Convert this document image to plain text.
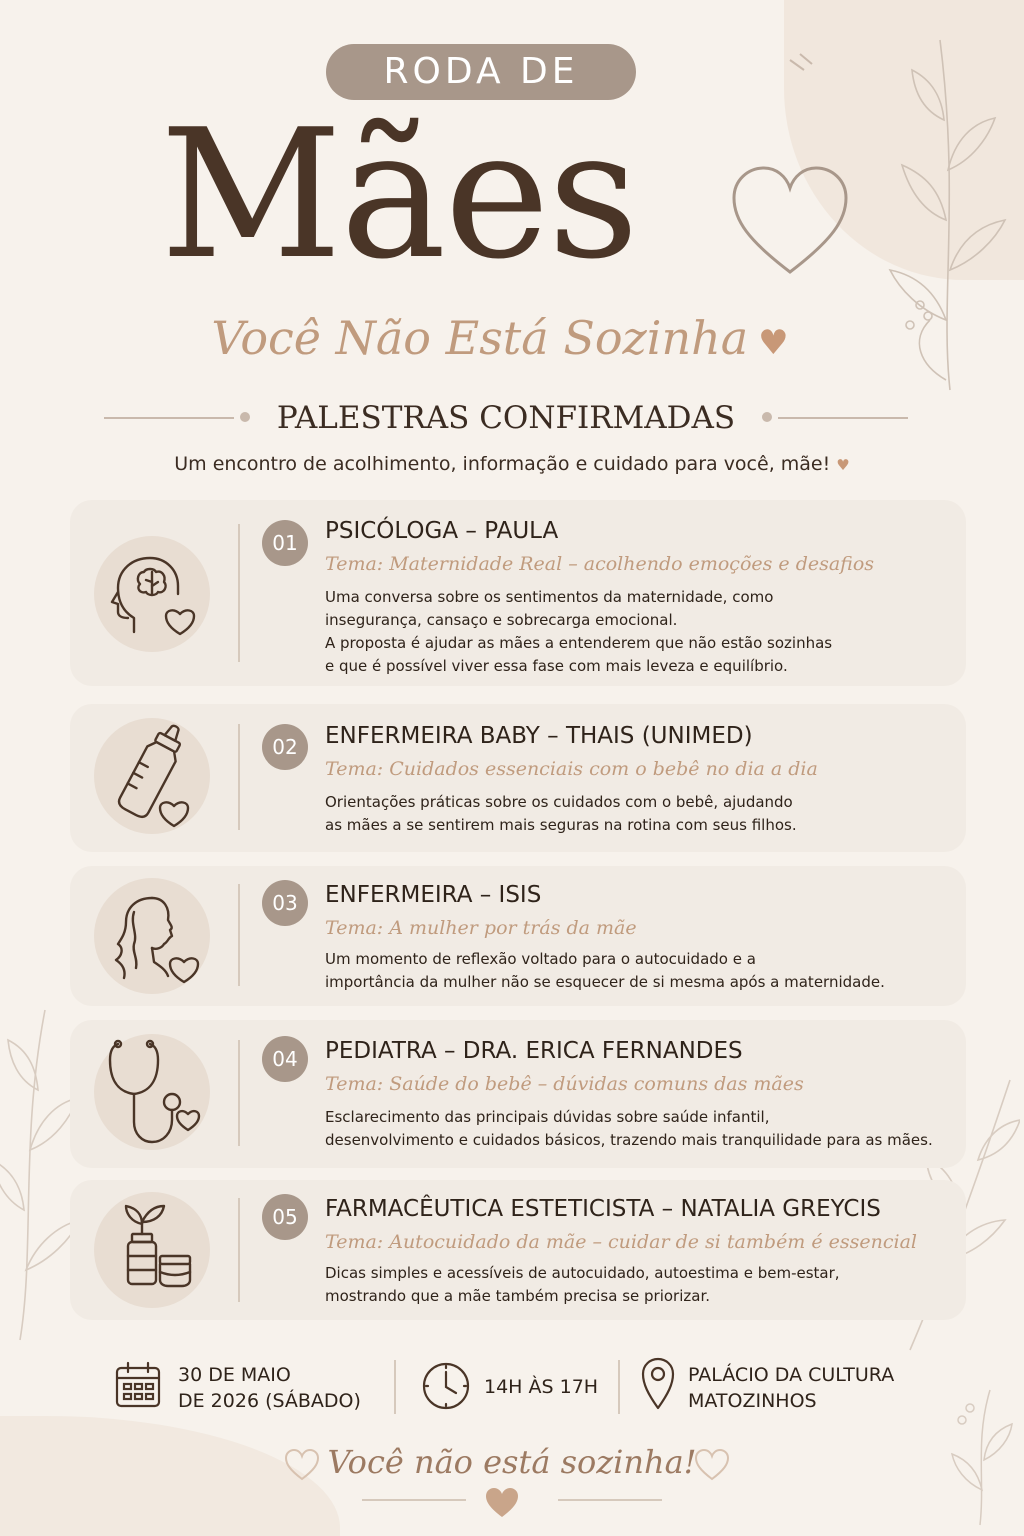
RODA DE
Mães
Você Não Está Sozinha ♥
PALESTRAS CONFIRMADAS
Um encontro de acolhimento, informação e cuidado para você, mãe! ♥
01	PSICÓLOGA – PAULA
Tema: Maternidade Real – acolhendo emoções e desafios
Uma conversa sobre os sentimentos da maternidade, como
insegurança, cansaço e sobrecarga emocional.
A proposta é ajudar as mães a entenderem que não estão sozinhas
e que é possível viver essa fase com mais leveza e equilíbrio.
02	ENFERMEIRA BABY – THAIS (UNIMED)
Tema: Cuidados essenciais com o bebê no dia a dia
Orientações práticas sobre os cuidados com o bebê, ajudando
as mães a se sentirem mais seguras na rotina com seus filhos.
03	ENFERMEIRA – ISIS
Tema: A mulher por trás da mãe
Um momento de reflexão voltado para o autocuidado e a
importância da mulher não se esquecer de si mesma após a maternidade.
04	PEDIATRA – DRA. ERICA FERNANDES
Tema: Saúde do bebê – dúvidas comuns das mães
Esclarecimento das principais dúvidas sobre saúde infantil,
desenvolvimento e cuidados básicos, trazendo mais tranquilidade para as mães.
05	FARMACÊUTICA ESTETICISTA – NATALIA GREYCIS
Tema: Autocuidado da mãe – cuidar de si também é essencial
Dicas simples e acessíveis de autocuidado, autoestima e bem-estar,
mostrando que a mãe também precisa se priorizar.
30 DE MAIO
DE 2026 (SÁBADO)
14H ÀS 17H
PALÁCIO DA CULTURA
MATOZINHOS
Você não está sozinha!
